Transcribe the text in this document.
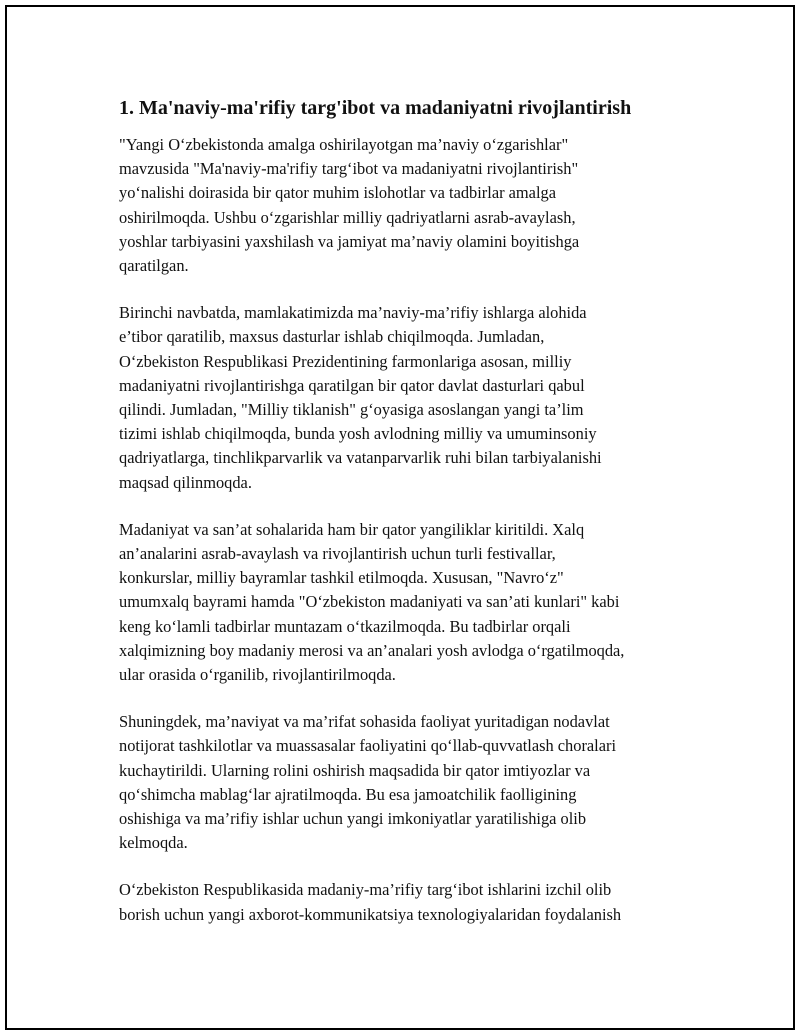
1. Ma'naviy-ma'rifiy targ'ibot va madaniyatni rivojlantirish

"Yangi O‘zbekistonda amalga oshirilayotgan ma’naviy o‘zgarishlar"
mavzusida "Ma'naviy-ma'rifiy targ‘ibot va madaniyatni rivojlantirish"
yo‘nalishi doirasida bir qator muhim islohotlar va tadbirlar amalga
oshirilmoqda. Ushbu o‘zgarishlar milliy qadriyatlarni asrab-avaylash,
yoshlar tarbiyasini yaxshilash va jamiyat ma’naviy olamini boyitishga
qaratilgan.

Birinchi navbatda, mamlakatimizda ma’naviy-ma’rifiy ishlarga alohida
e’tibor qaratilib, maxsus dasturlar ishlab chiqilmoqda. Jumladan,
O‘zbekiston Respublikasi Prezidentining farmonlariga asosan, milliy
madaniyatni rivojlantirishga qaratilgan bir qator davlat dasturlari qabul
qilindi. Jumladan, "Milliy tiklanish" g‘oyasiga asoslangan yangi ta’lim
tizimi ishlab chiqilmoqda, bunda yosh avlodning milliy va umuminsoniy
qadriyatlarga, tinchlikparvarlik va vatanparvarlik ruhi bilan tarbiyalanishi
maqsad qilinmoqda.

Madaniyat va san’at sohalarida ham bir qator yangiliklar kiritildi. Xalq
an’analarini asrab-avaylash va rivojlantirish uchun turli festivallar,
konkurslar, milliy bayramlar tashkil etilmoqda. Xususan, "Navro‘z"
umumxalq bayrami hamda "O‘zbekiston madaniyati va san’ati kunlari" kabi
keng ko‘lamli tadbirlar muntazam o‘tkazilmoqda. Bu tadbirlar orqali
xalqimizning boy madaniy merosi va an’analari yosh avlodga o‘rgatilmoqda,
ular orasida o‘rganilib, rivojlantirilmoqda.

Shuningdek, ma’naviyat va ma’rifat sohasida faoliyat yuritadigan nodavlat
notijorat tashkilotlar va muassasalar faoliyatini qo‘llab-quvvatlash choralari
kuchaytirildi. Ularning rolini oshirish maqsadida bir qator imtiyozlar va
qo‘shimcha mablag‘lar ajratilmoqda. Bu esa jamoatchilik faolligining
oshishiga va ma’rifiy ishlar uchun yangi imkoniyatlar yaratilishiga olib
kelmoqda.

O‘zbekiston Respublikasida madaniy-ma’rifiy targ‘ibot ishlarini izchil olib
borish uchun yangi axborot-kommunikatsiya texnologiyalaridan foydalanish
